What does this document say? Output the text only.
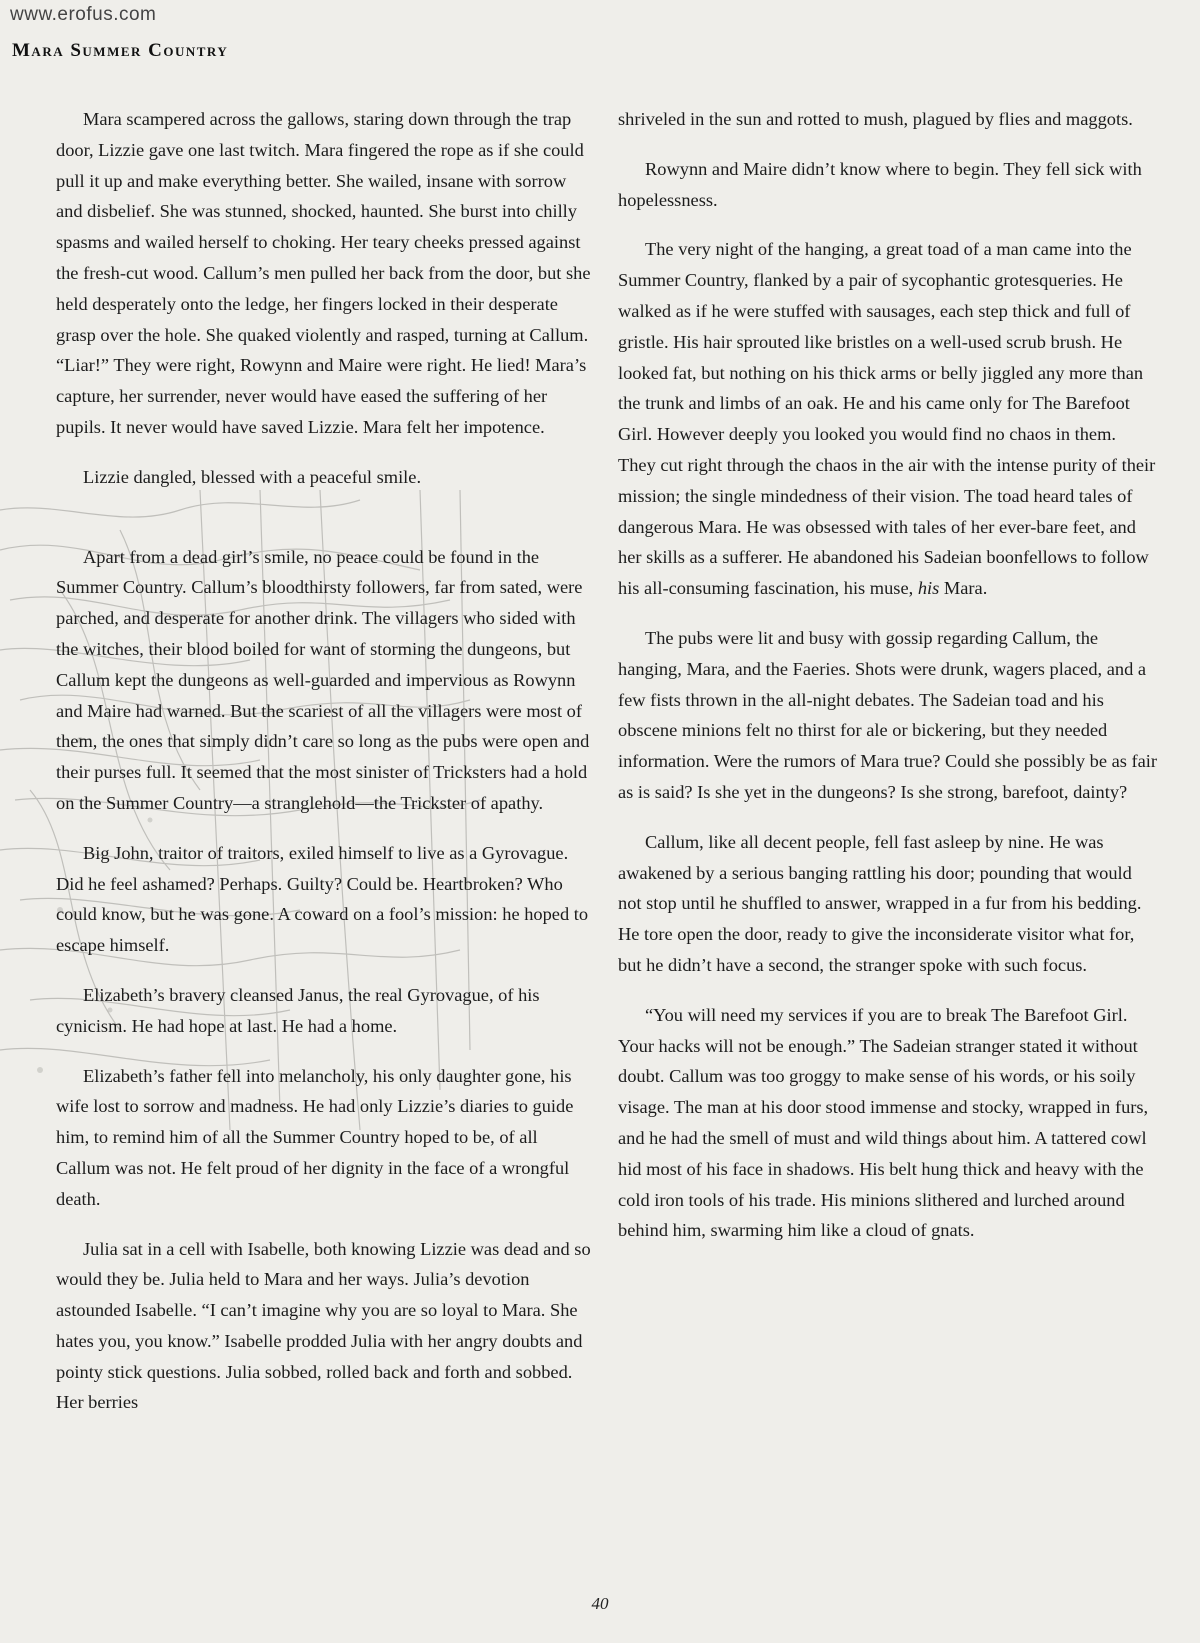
www.erofus.com
Mara Summer Country

Mara scampered across the gallows, staring down through the trap door, Lizzie gave one last twitch. Mara fingered the rope as if she could pull it up and make everything better. She wailed, insane with sorrow and disbelief. She was stunned, shocked, haunted. She burst into chilly spasms and wailed herself to choking. Her teary cheeks pressed against the fresh-cut wood. Callum’s men pulled her back from the door, but she held desperately onto the ledge, her fingers locked in their desperate grasp over the hole. She quaked violently and rasped, turning at Callum. “Liar!” They were right, Rowynn and Maire were right. He lied! Mara’s capture, her surrender, never would have eased the suffering of her pupils. It never would have saved Lizzie. Mara felt her impotence.

Lizzie dangled, blessed with a peaceful smile.

Apart from a dead girl’s smile, no peace could be found in the Summer Country. Callum’s bloodthirsty followers, far from sated, were parched, and desperate for another drink. The villagers who sided with the witches, their blood boiled for want of storming the dungeons, but Callum kept the dungeons as well-guarded and impervious as Rowynn and Maire had warned. But the scariest of all the villagers were most of them, the ones that simply didn’t care so long as the pubs were open and their purses full. It seemed that the most sinister of Tricksters had a hold on the Summer Country—a stranglehold—the Trickster of apathy.

Big John, traitor of traitors, exiled himself to live as a Gyrovague. Did he feel ashamed? Perhaps. Guilty? Could be. Heartbroken? Who could know, but he was gone. A coward on a fool’s mission: he hoped to escape himself.

Elizabeth’s bravery cleansed Janus, the real Gyrovague, of his cynicism. He had hope at last. He had a home.

Elizabeth’s father fell into melancholy, his only daughter gone, his wife lost to sorrow and madness. He had only Lizzie’s diaries to guide him, to remind him of all the Summer Country hoped to be, of all Callum was not. He felt proud of her dignity in the face of a wrongful death.

Julia sat in a cell with Isabelle, both knowing Lizzie was dead and so would they be. Julia held to Mara and her ways. Julia’s devotion astounded Isabelle. “I can’t imagine why you are so loyal to Mara. She hates you, you know.” Isabelle prodded Julia with her angry doubts and pointy stick questions. Julia sobbed, rolled back and forth and sobbed. Her berries

shriveled in the sun and rotted to mush, plagued by flies and maggots.

Rowynn and Maire didn’t know where to begin. They fell sick with hopelessness.

The very night of the hanging, a great toad of a man came into the Summer Country, flanked by a pair of sycophantic grotesqueries. He walked as if he were stuffed with sausages, each step thick and full of gristle. His hair sprouted like bristles on a well-used scrub brush. He looked fat, but nothing on his thick arms or belly jiggled any more than the trunk and limbs of an oak. He and his came only for The Barefoot Girl. However deeply you looked you would find no chaos in them. They cut right through the chaos in the air with the intense purity of their mission; the single mindedness of their vision. The toad heard tales of dangerous Mara. He was obsessed with tales of her ever-bare feet, and her skills as a sufferer. He abandoned his Sadeian boonfellows to follow his all-consuming fascination, his muse, his Mara.

The pubs were lit and busy with gossip regarding Callum, the hanging, Mara, and the Faeries. Shots were drunk, wagers placed, and a few fists thrown in the all-night debates. The Sadeian toad and his obscene minions felt no thirst for ale or bickering, but they needed information. Were the rumors of Mara true? Could she possibly be as fair as is said? Is she yet in the dungeons? Is she strong, barefoot, dainty?

Callum, like all decent people, fell fast asleep by nine. He was awakened by a serious banging rattling his door; pounding that would not stop until he shuffled to answer, wrapped in a fur from his bedding. He tore open the door, ready to give the inconsiderate visitor what for, but he didn’t have a second, the stranger spoke with such focus.

“You will need my services if you are to break The Barefoot Girl. Your hacks will not be enough.” The Sadeian stranger stated it without doubt. Callum was too groggy to make sense of his words, or his soily visage. The man at his door stood immense and stocky, wrapped in furs, and he had the smell of must and wild things about him. A tattered cowl hid most of his face in shadows. His belt hung thick and heavy with the cold iron tools of his trade. His minions slithered and lurched around behind him, swarming him like a cloud of gnats.

40
